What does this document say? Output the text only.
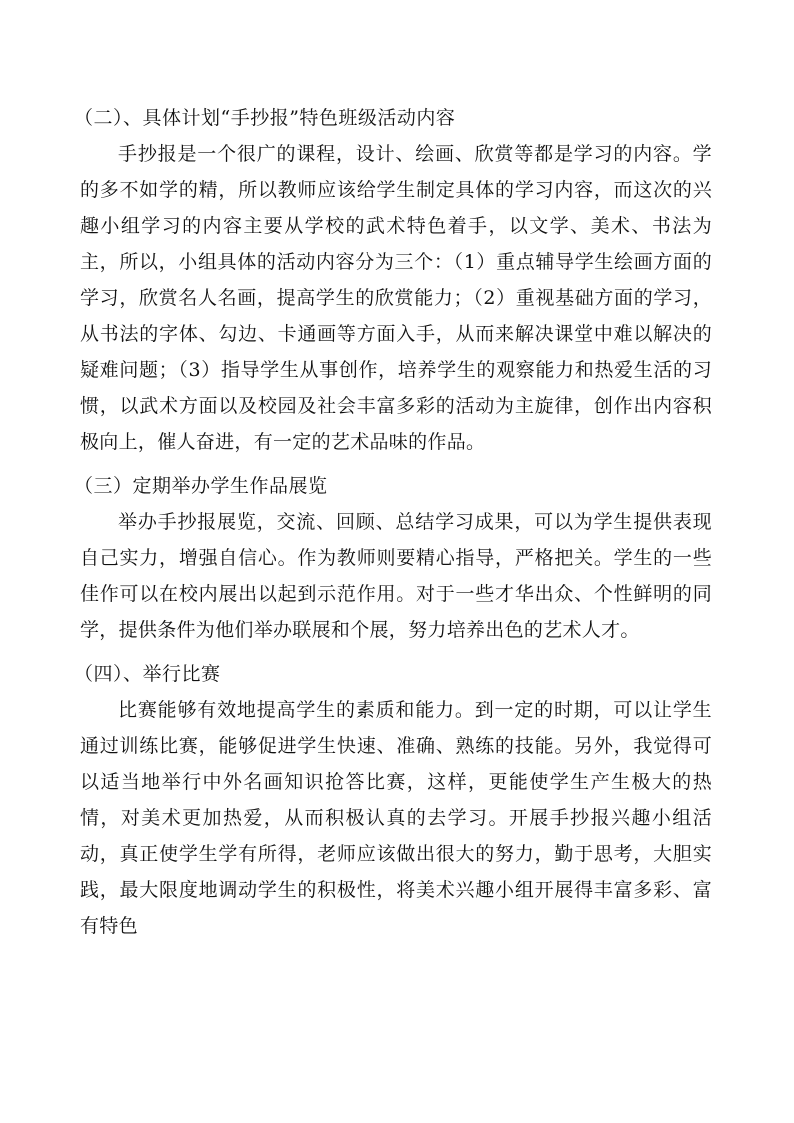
（二）、具体计划“手抄报”特色班级活动内容

手抄报是一个很广的课程，设计、绘画、欣赏等都是学习的内容。学的多不如学的精，所以教师应该给学生制定具体的学习内容，而这次的兴趣小组学习的内容主要从学校的武术特色着手，以文学、美术、书法为主，所以，小组具体的活动内容分为三个：（1）重点辅导学生绘画方面的学习，欣赏名人名画，提高学生的欣赏能力；（2）重视基础方面的学习，从书法的字体、勾边、卡通画等方面入手，从而来解决课堂中难以解决的疑难问题；（3）指导学生从事创作，培养学生的观察能力和热爱生活的习惯，以武术方面以及校园及社会丰富多彩的活动为主旋律，创作出内容积极向上，催人奋进，有一定的艺术品味的作品。

（三）定期举办学生作品展览

举办手抄报展览，交流、回顾、总结学习成果，可以为学生提供表现自己实力，增强自信心。作为教师则要精心指导，严格把关。学生的一些佳作可以在校内展出以起到示范作用。对于一些才华出众、个性鲜明的同学，提供条件为他们举办联展和个展，努力培养出色的艺术人才。

（四）、举行比赛

比赛能够有效地提高学生的素质和能力。到一定的时期，可以让学生通过训练比赛，能够促进学生快速、准确、熟练的技能。另外，我觉得可以适当地举行中外名画知识抢答比赛，这样，更能使学生产生极大的热情，对美术更加热爱，从而积极认真的去学习。开展手抄报兴趣小组活动，真正使学生学有所得，老师应该做出很大的努力，勤于思考，大胆实践，最大限度地调动学生的积极性，将美术兴趣小组开展得丰富多彩、富有特色
